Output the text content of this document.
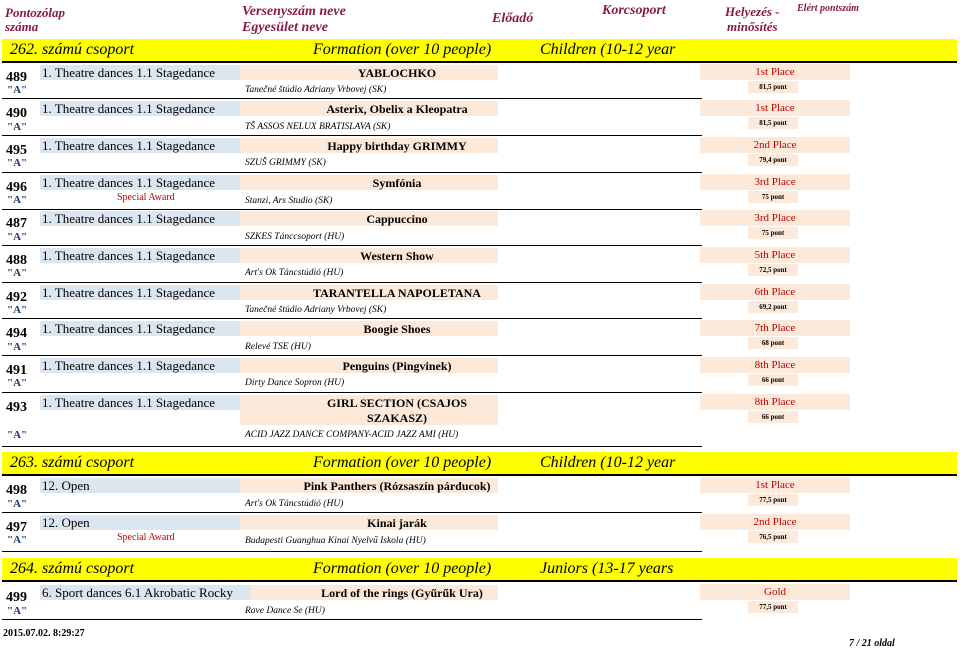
Pontozólap
száma
Versenyszám neve
Egyesület neve
Előadó
Korcsoport	Helyezés -
minősítés
Elért pontszám
262. számú csoport	Formation (over 10 people)	Children (10-12 year
489 1. Theatre dances 1.1 Stagedance	YABLOCHKO	1st Place
81,5 pont
"A"	Tanečné štúdio Adriany Vrbovej (SK)
490 1. Theatre dances 1.1 Stagedance	Asterix, Obelix a Kleopatra	1st Place
81,5 pont
"A"	TŠ ASSOS NELUX BRATISLAVA (SK)
495 1. Theatre dances 1.1 Stagedance	Happy birthday GRIMMY	2nd Place
79,4 pont
"A"	SZUŠ GRIMMY (SK)
496 1. Theatre dances 1.1 Stagedance	Symfónia	3rd Place
75 pont
"A"	Special Award	Stanzi, Ars Studio (SK)
487 1. Theatre dances 1.1 Stagedance	Cappuccino	3rd Place
75 pont
"A"	SZKES Tánccsoport (HU)
488 1. Theatre dances 1.1 Stagedance	Western Show	5th Place
72,5 pont
"A"	Art's Ok Táncstúdió (HU)
492 1. Theatre dances 1.1 Stagedance	TARANTELLA NAPOLETANA	6th Place
69,2 pont
"A"	Tanečné štúdio Adriany Vrbovej (SK)
494 1. Theatre dances 1.1 Stagedance	Boogie Shoes	7th Place
68 pont
"A"	Relevé TSE (HU)
491 1. Theatre dances 1.1 Stagedance	Penguins (Pingvinek)	8th Place
66 pont
"A"	Dirty Dance Sopron (HU)
493 1. Theatre dances 1.1 Stagedance	GIRL SECTION (CSAJOS
SZAKASZ)
8th Place
66 pont
"A"	ACID JAZZ DANCE COMPANY-ACID JAZZ AMI (HU)
263. számú csoport	Formation (over 10 people)	Children (10-12 year
498 12. Open	Pink Panthers (Rózsaszín párducok)	1st Place
77,5 pont
"A"	Art's Ok Táncstúdió (HU)
497 12. Open	Kinai jarák	2nd Place
76,5 pont
"A"	Special Award	Budapesti Guanghua Kinai Nyelvű Iskola (HU)
264. számú csoport	Formation (over 10 people)	Juniors (13-17 years
499 6. Sport dances 6.1 Akrobatic Rocky	Lord of the rings (Gyűrűk Ura)	Gold
77,5 pont
"A"	Rave Dance Se (HU)
2015.07.02. 8:29:27
7 / 21 oldal
